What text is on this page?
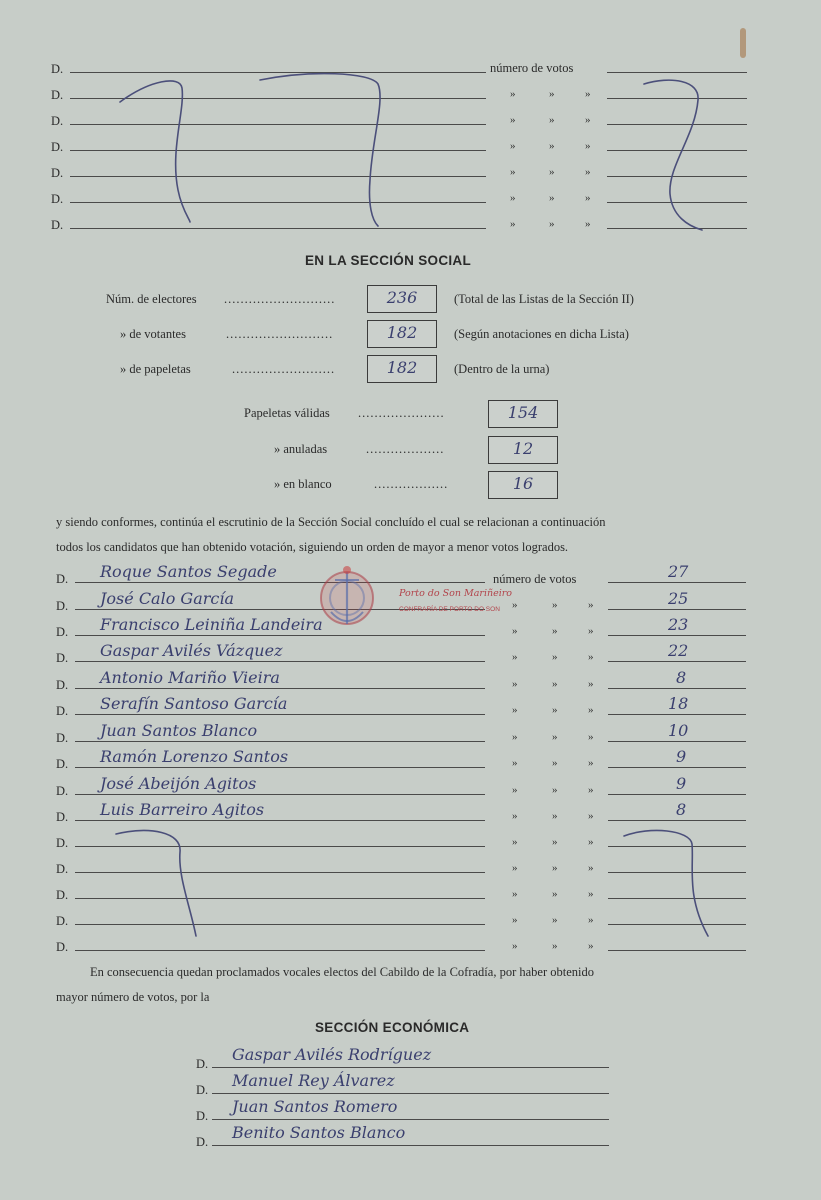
D.	número de votos
D.	»	»	»
D.	»	»	»
D.	»	»	»
D.	»	»	»
D.	»	»	»
D.	»	»	»
EN LA SECCIÓN SOCIAL
Núm. de electores ...........................	236	(Total de las Listas de la Sección II)
» de votantes	..........................	182	(Según anotaciones en dicha Lista)
» de papeletas	.........................	182	(Dentro de la urna)
Papeletas válidas .....................	154
» anuladas	...................	12
» en blanco	..................	16
y siendo conformes, continúa el escrutinio de la Sección Social concluído el cual se relacionan a continuación
todos los candidatos que han obtenido votación, siguiendo un orden de mayor a menor votos logrados.
D. Roque Santos Segade	número de votos	27
D. José Calo García	»	»	»	25
D. Francisco Leiniña Landeira	»	»	»	23
D. Gaspar Avilés Vázquez	»	»	»	22
D. Antonio Mariño Vieira	»	»	»	8
D. Serafín Santoso García	»	»	»	18
D. Juan Santos Blanco	»	»	»	10
D. Ramón Lorenzo Santos	»	»	»	9
D. José Abeijón Agitos	»	»	»	9
D. Luis Barreiro Agitos	»	»	»	8
D.	»	»	»
D.	»	»	»
D.	»	»	»
D.	»	»	»
D.	»	»	»
Porto do Son Mariñeiro
CONFRARÍA DE PORTO DO SON
En consecuencia quedan proclamados vocales electos del Cabildo de la Cofradía, por haber obtenido
mayor número de votos, por la
SECCIÓN ECONÓMICA
D. Gaspar Avilés Rodríguez
D. Manuel Rey Álvarez
D. Juan Santos Romero
D. Benito Santos Blanco
